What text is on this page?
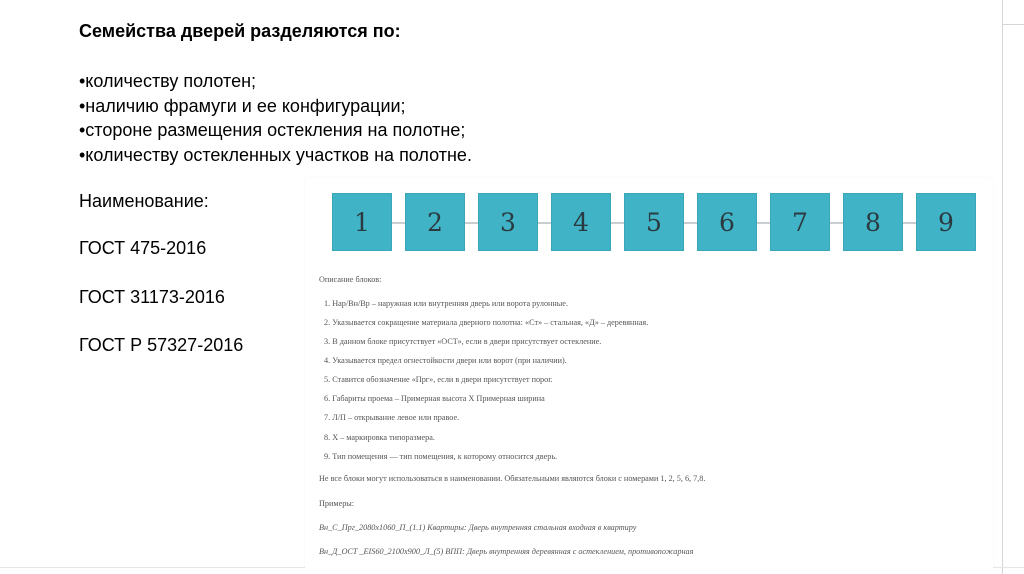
Семейства дверей разделяются по:
•количеству полотен;
•наличию фрамуги и ее конфигурации;
•стороне размещения остекления на полотне;
•количеству остекленных участков на полотне.
Наименование:
ГОСТ 475-2016
ГОСТ 31173-2016
ГОСТ Р 57327-2016
1	2	3	4	5	6	7	8	9
Описание блоков:
1. Нар/Вн/Вр – наружная или внутренняя дверь или ворота рулонные.
2. Указывается сокращение материала дверного полотна: «Ст» – стальная, «Д» – деревянная.
3. В данном блоке присутствует «ОСТ», если в двери присутствует остекление.
4. Указывается предел огнестойкости двери или ворот (при наличии).
5. Ставится обозначение «Прг», если в двери присутствует порог.
6. Габариты проема – Примерная высота Х Примерная ширина
7. Л/П – открывание левое или правое.
8. Х – маркировка типоразмера.
9. Тип помещения — тип помещения, к которому относится дверь.
Не все блоки могут использоваться в наименовании. Обязательными являются блоки с номерами 1, 2, 5, 6, 7,8.
Примеры:
Вн_С_Прг_2080х1060_П_(1.1) Квартиры: Дверь внутренняя стальная входная в квартиру
Вн_Д_ОСТ _EIS60_2100х900_Л_(5) ВПП: Дверь внутренняя деревянная с остеклением, противопожарная
